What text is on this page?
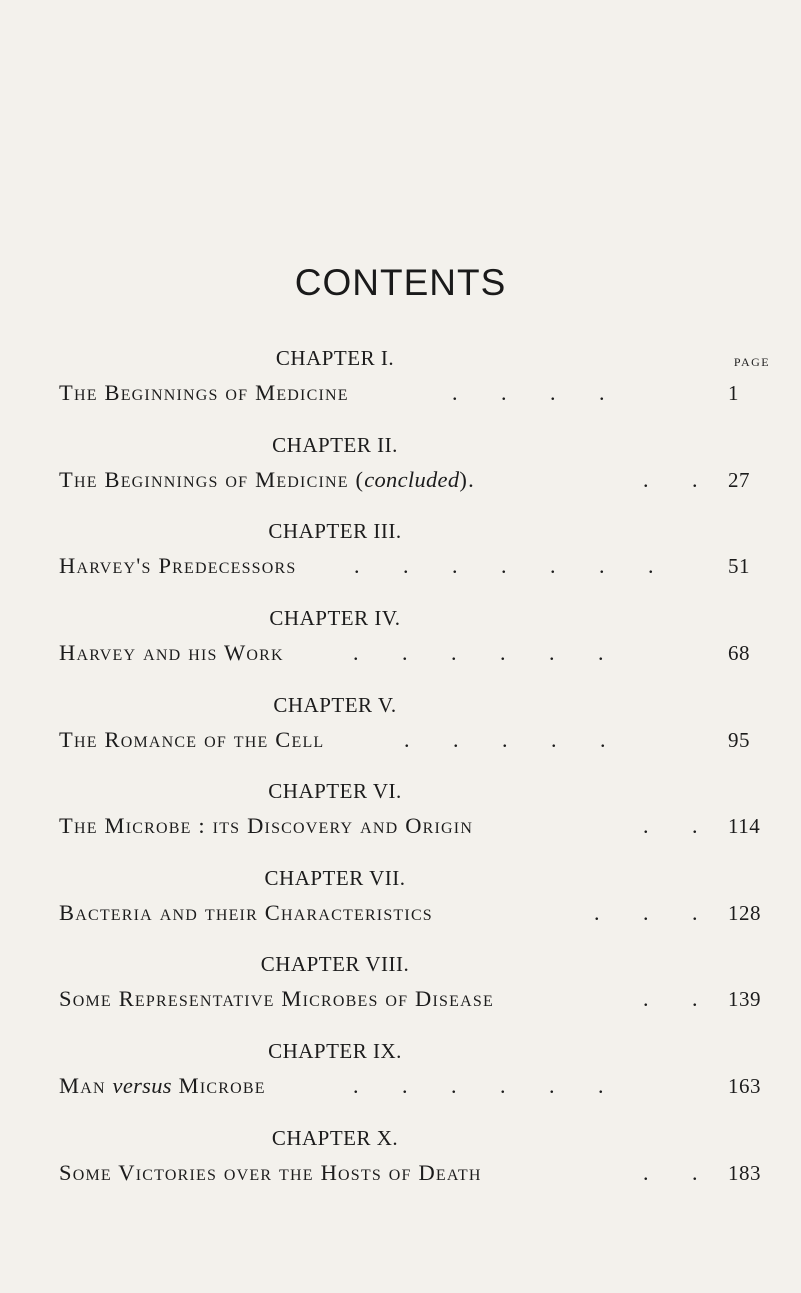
CONTENTS
PAGE
CHAPTER I.
The Beginnings of Medicine	. . . .	1
CHAPTER II.
The Beginnings of Medicine (concluded).	. . 27
CHAPTER III.
Harvey's Predecessors	. . . . . . .	51
CHAPTER IV.
Harvey and his Work	. . . . . .	68
CHAPTER V.
The Romance of the Cell	. . . . .	95
CHAPTER VI.
The Microbe : its Discovery and Origin	. . 114
CHAPTER VII.
Bacteria and their Characteristics	. . . 128
CHAPTER VIII.
Some Representative Microbes of Disease	. . 139
CHAPTER IX.
Man versus Microbe	. . . . . .	163
CHAPTER X.
Some Victories over the Hosts of Death	. . 183
